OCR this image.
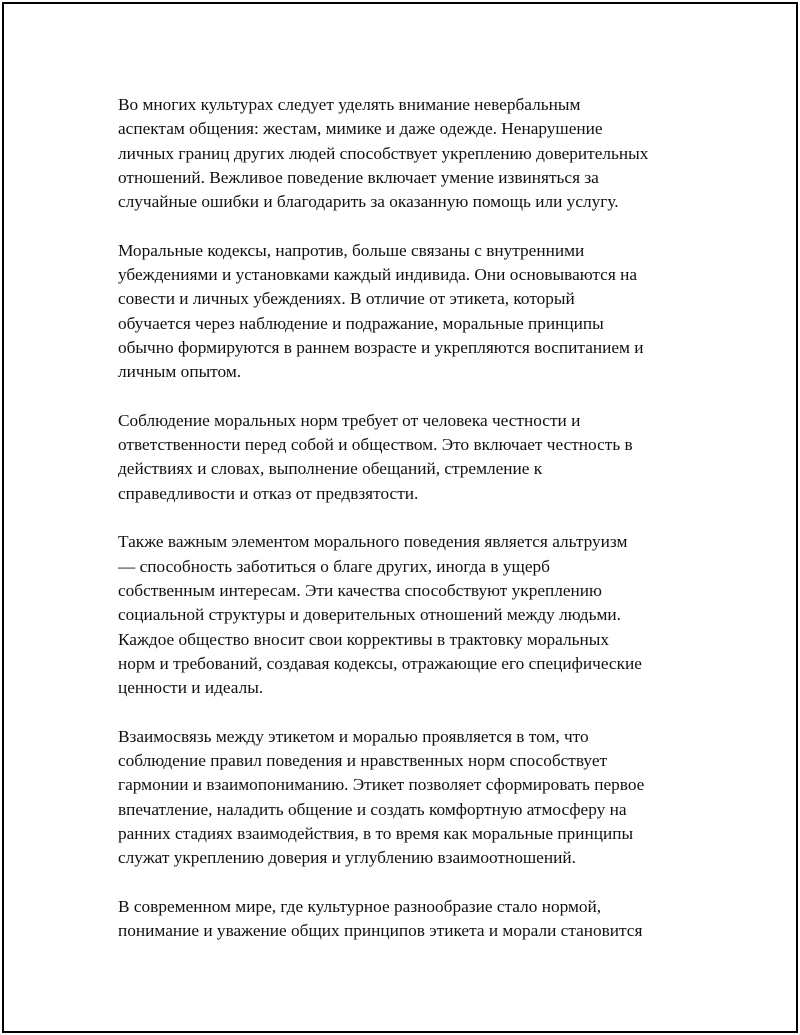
Во многих культурах следует уделять внимание невербальным
аспектам общения: жестам, мимике и даже одежде. Ненарушение
личных границ других людей способствует укреплению доверительных
отношений. Вежливое поведение включает умение извиняться за
случайные ошибки и благодарить за оказанную помощь или услугу.

Моральные кодексы, напротив, больше связаны с внутренними
убеждениями и установками каждый индивида. Они основываются на
совести и личных убеждениях. В отличие от этикета, который
обучается через наблюдение и подражание, моральные принципы
обычно формируются в раннем возрасте и укрепляются воспитанием и
личным опытом.

Соблюдение моральных норм требует от человека честности и
ответственности перед собой и обществом. Это включает честность в
действиях и словах, выполнение обещаний, стремление к
справедливости и отказ от предвзятости.

Также важным элементом морального поведения является альтруизм
— способность заботиться о благе других, иногда в ущерб
собственным интересам. Эти качества способствуют укреплению
социальной структуры и доверительных отношений между людьми.
Каждое общество вносит свои коррективы в трактовку моральных
норм и требований, создавая кодексы, отражающие его специфические
ценности и идеалы.

Взаимосвязь между этикетом и моралью проявляется в том, что
соблюдение правил поведения и нравственных норм способствует
гармонии и взаимопониманию. Этикет позволяет сформировать первое
впечатление, наладить общение и создать комфортную атмосферу на
ранних стадиях взаимодействия, в то время как моральные принципы
служат укреплению доверия и углублению взаимоотношений.

В современном мире, где культурное разнообразие стало нормой,
понимание и уважение общих принципов этикета и морали становится
